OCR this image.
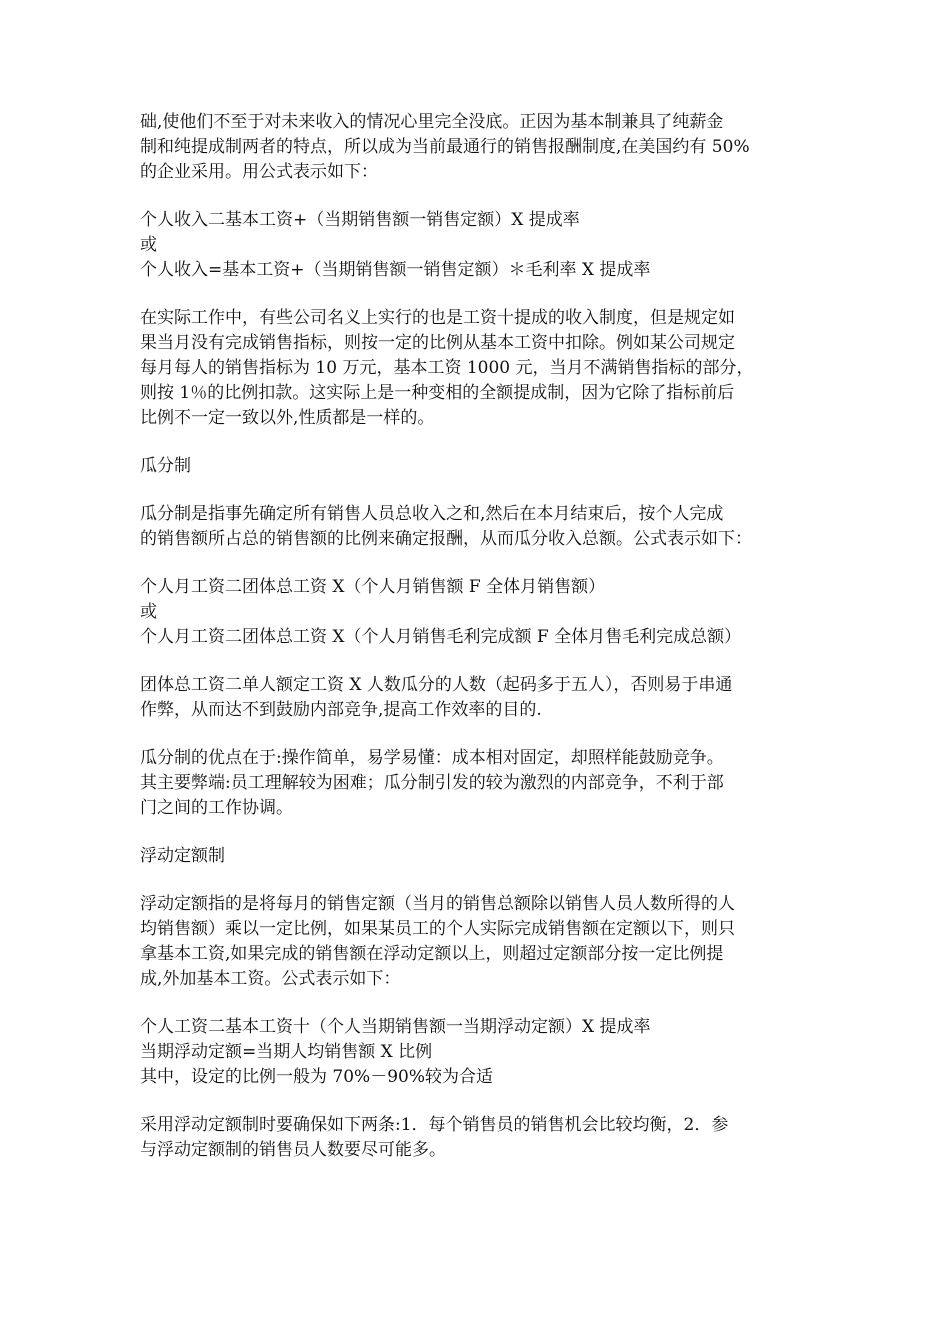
础,使他们不至于对未来收入的情况心里完全没底。正因为基本制兼具了纯薪金

制和纯提成制两者的特点，所以成为当前最通行的销售报酬制度,在美国约有 50%

的企业采用。用公式表示如下：

个人收入二基本工资+（当期销售额一销售定额）X 提成率

或

个人收入=基本工资+（当期销售额一销售定额）＊毛利率 X 提成率

在实际工作中，有些公司名义上实行的也是工资十提成的收入制度，但是规定如

果当月没有完成销售指标，则按一定的比例从基本工资中扣除。例如某公司规定

每月每人的销售指标为 10 万元，基本工资 1000 元，当月不满销售指标的部分，

则按 1％的比例扣款。这实际上是一种变相的全额提成制，因为它除了指标前后

比例不一定一致以外,性质都是一样的。

瓜分制

瓜分制是指事先确定所有销售人员总收入之和,然后在本月结束后，按个人完成

的销售额所占总的销售额的比例来确定报酬，从而瓜分收入总额。公式表示如下：

个人月工资二团体总工资 X（个人月销售额 F 全体月销售额）

或

个人月工资二团体总工资 X（个人月销售毛利完成额 F 全体月售毛利完成总额）

团体总工资二单人额定工资 X 人数瓜分的人数（起码多于五人），否则易于串通

作弊，从而达不到鼓励内部竞争,提高工作效率的目的.

瓜分制的优点在于:操作简单，易学易懂：成本相对固定，却照样能鼓励竞争。

其主要弊端:员工理解较为困难；瓜分制引发的较为激烈的内部竞争，不利于部

门之间的工作协调。

浮动定额制

浮动定额指的是将每月的销售定额（当月的销售总额除以销售人员人数所得的人

均销售额）乘以一定比例，如果某员工的个人实际完成销售额在定额以下，则只

拿基本工资,如果完成的销售额在浮动定额以上，则超过定额部分按一定比例提

成,外加基本工资。公式表示如下：

个人工资二基本工资十（个人当期销售额一当期浮动定额）X 提成率

当期浮动定额=当期人均销售额 X 比例

其中，设定的比例一般为 70%－90%较为合适

采用浮动定额制时要确保如下两条:1．每个销售员的销售机会比较均衡，2．参

与浮动定额制的销售员人数要尽可能多。
